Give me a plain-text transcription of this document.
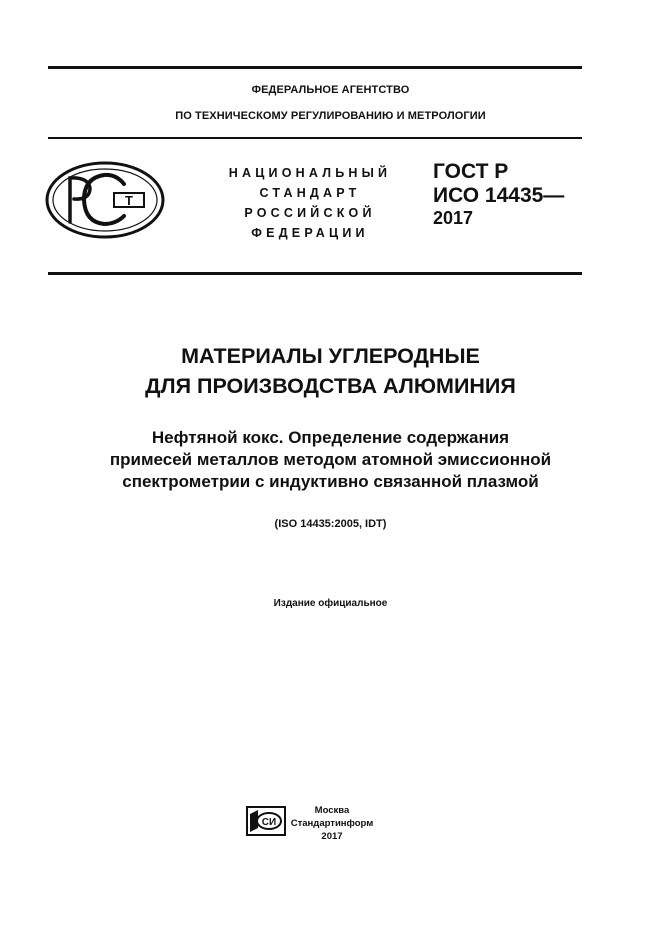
ФЕДЕРАЛЬНОЕ АГЕНТСТВО
ПО ТЕХНИЧЕСКОМУ РЕГУЛИРОВАНИЮ И МЕТРОЛОГИИ
Т
НАЦИОНАЛЬНЫЙ
СТАНДАРТ
РОССИЙСКОЙ
ФЕДЕРАЦИИ
ГОСТ Р
ИСО 14435—
2017
МАТЕРИАЛЫ УГЛЕРОДНЫЕ
ДЛЯ ПРОИЗВОДСТВА АЛЮМИНИЯ
Нефтяной кокс. Определение содержания
примесей металлов методом атомной эмиссионной
спектрометрии с индуктивно связанной плазмой
(ISO 14435:2005, IDT)
Издание официальное
СИ
Москва
Стандартинформ
2017
